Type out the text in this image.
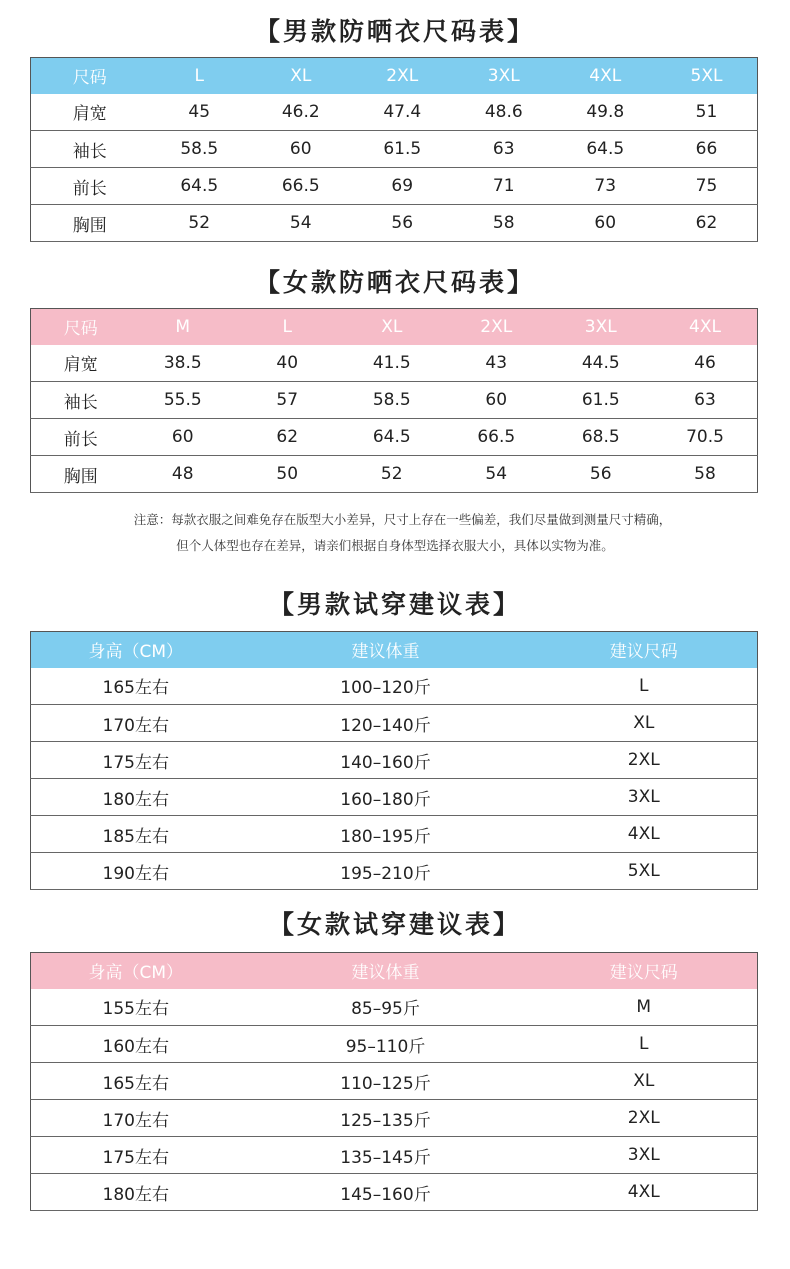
【男款防晒衣尺码表】
尺码	L	XL	2XL	3XL	4XL	5XL
肩宽	45	46.2	47.4	48.6	49.8	51
袖长	58.5	60	61.5	63	64.5	66
前长	64.5	66.5	69	71	73	75
胸围	52	54	56	58	60	62
【女款防晒衣尺码表】
尺码	M	L	XL	2XL	3XL	4XL
肩宽	38.5	40	41.5	43	44.5	46
袖长	55.5	57	58.5	60	61.5	63
前长	60	62	64.5	66.5	68.5	70.5
胸围	48	50	52	54	56	58

注意：每款衣服之间难免存在版型大小差异，尺寸上存在一些偏差，我们尽量做到测量尺寸精确，

但个人体型也存在差异，请亲们根据自身体型选择衣服大小，具体以实物为准。

【男款试穿建议表】
身高（CM）	建议体重	建议尺码
165左右	100–120斤	L
170左右	120–140斤	XL
175左右	140–160斤	2XL
180左右	160–180斤	3XL
185左右	180–195斤	4XL
190左右	195–210斤	5XL
【女款试穿建议表】
身高（CM）	建议体重	建议尺码
155左右	85–95斤	M
160左右	95–110斤	L
165左右	110–125斤	XL
170左右	125–135斤	2XL
175左右	135–145斤	3XL
180左右	145–160斤	4XL
